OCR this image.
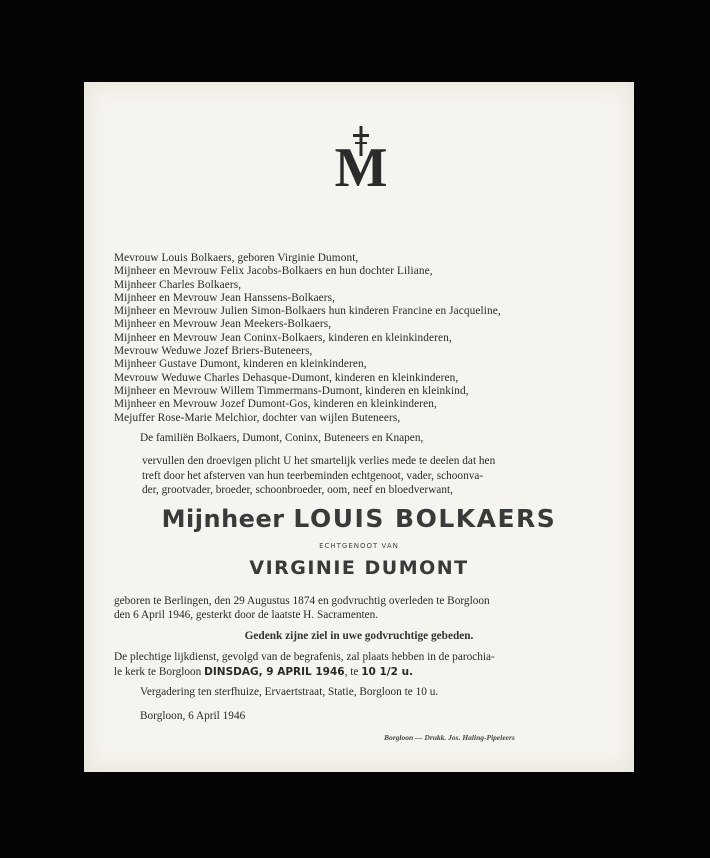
M
Mevrouw Louis Bolkaers, geboren Virginie Dumont,
Mijnheer en Mevrouw Felix Jacobs-Bolkaers en hun dochter Liliane,
Mijnheer Charles Bolkaers,
Mijnheer en Mevrouw Jean Hanssens-Bolkaers,
Mijnheer en Mevrouw Julien Simon-Bolkaers hun kinderen Francine en Jacqueline,
Mijnheer en Mevrouw Jean Meekers-Bolkaers,
Mijnheer en Mevrouw Jean Coninx-Bolkaers, kinderen en kleinkinderen,
Mevrouw Weduwe Jozef Briers-Buteneers,
Mijnheer Gustave Dumont, kinderen en kleinkinderen,
Mevrouw Weduwe Charles Dehasque-Dumont, kinderen en kleinkinderen,
Mijnheer en Mevrouw Willem Timmermans-Dumont, kinderen en kleinkind,
Mijnheer en Mevrouw Jozef Dumont-Gos, kinderen en kleinkinderen,
Mejuffer Rose-Marie Melchior, dochter van wijlen Buteneers,
De familiën Bolkaers, Dumont, Coninx, Buteneers en Knapen,
vervullen den droevigen plicht U het smartelijk verlies mede te deelen dat hen
treft door het afsterven van hun teerbeminden echtgenoot, vader, schoonva-
der, grootvader, broeder, schoonbroeder, oom, neef en bloedverwant,
Mijnheer LOUIS BOLKAERS
ECHTGENOOT VAN
VIRGINIE DUMONT
geboren te Berlingen, den 29 Augustus 1874 en godvruchtig overleden te Borgloon
den 6 April 1946, gesterkt door de laatste H. Sacramenten.
Gedenk zijne ziel in uwe godvruchtige gebeden.
De plechtige lijkdienst, gevolgd van de begrafenis, zal plaats hebben in de parochia-
le kerk te Borgloon DINSDAG, 9 APRIL 1946, te 10 1/2 u.
Vergadering ten sterfhuize, Ervaertstraat, Statie, Borgloon te 10 u.
Borgloon, 6 April 1946
Borgloon — Drukk. Jos. Haling-Pipeleers
